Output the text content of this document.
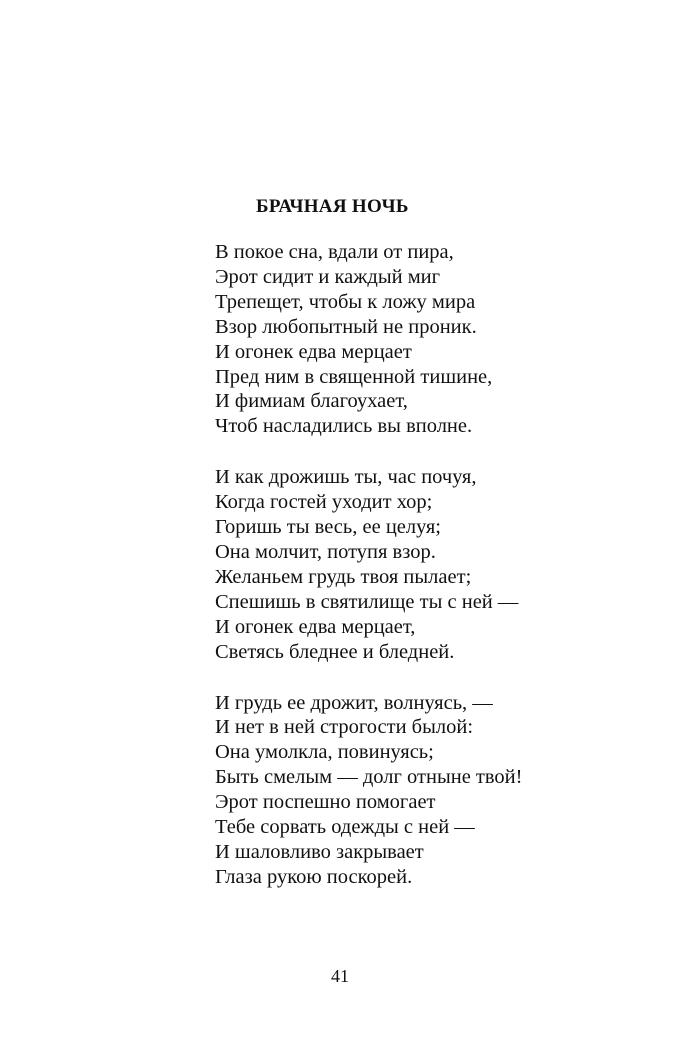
БРАЧНАЯ НОЧЬ
В покое сна, вдали от пира,
Эрот сидит и каждый миг
Трепещет, чтобы к ложу мира
Взор любопытный не проник.
И огонек едва мерцает
Пред ним в священной тишине,
И фимиам благоухает,
Чтоб насладились вы вполне.
И как дрожишь ты, час почуя,
Когда гостей уходит хор;
Горишь ты весь, ее целуя;
Она молчит, потупя взор.
Желаньем грудь твоя пылает;
Спешишь в святилище ты с ней —
И огонек едва мерцает,
Светясь бледнее и бледней.
И грудь ее дрожит, волнуясь, —
И нет в ней строгости былой:
Она умолкла, повинуясь;
Быть смелым — долг отныне твой!
Эрот поспешно помогает
Тебе сорвать одежды с ней —
И шаловливо закрывает
Глаза рукою поскорей.
41
